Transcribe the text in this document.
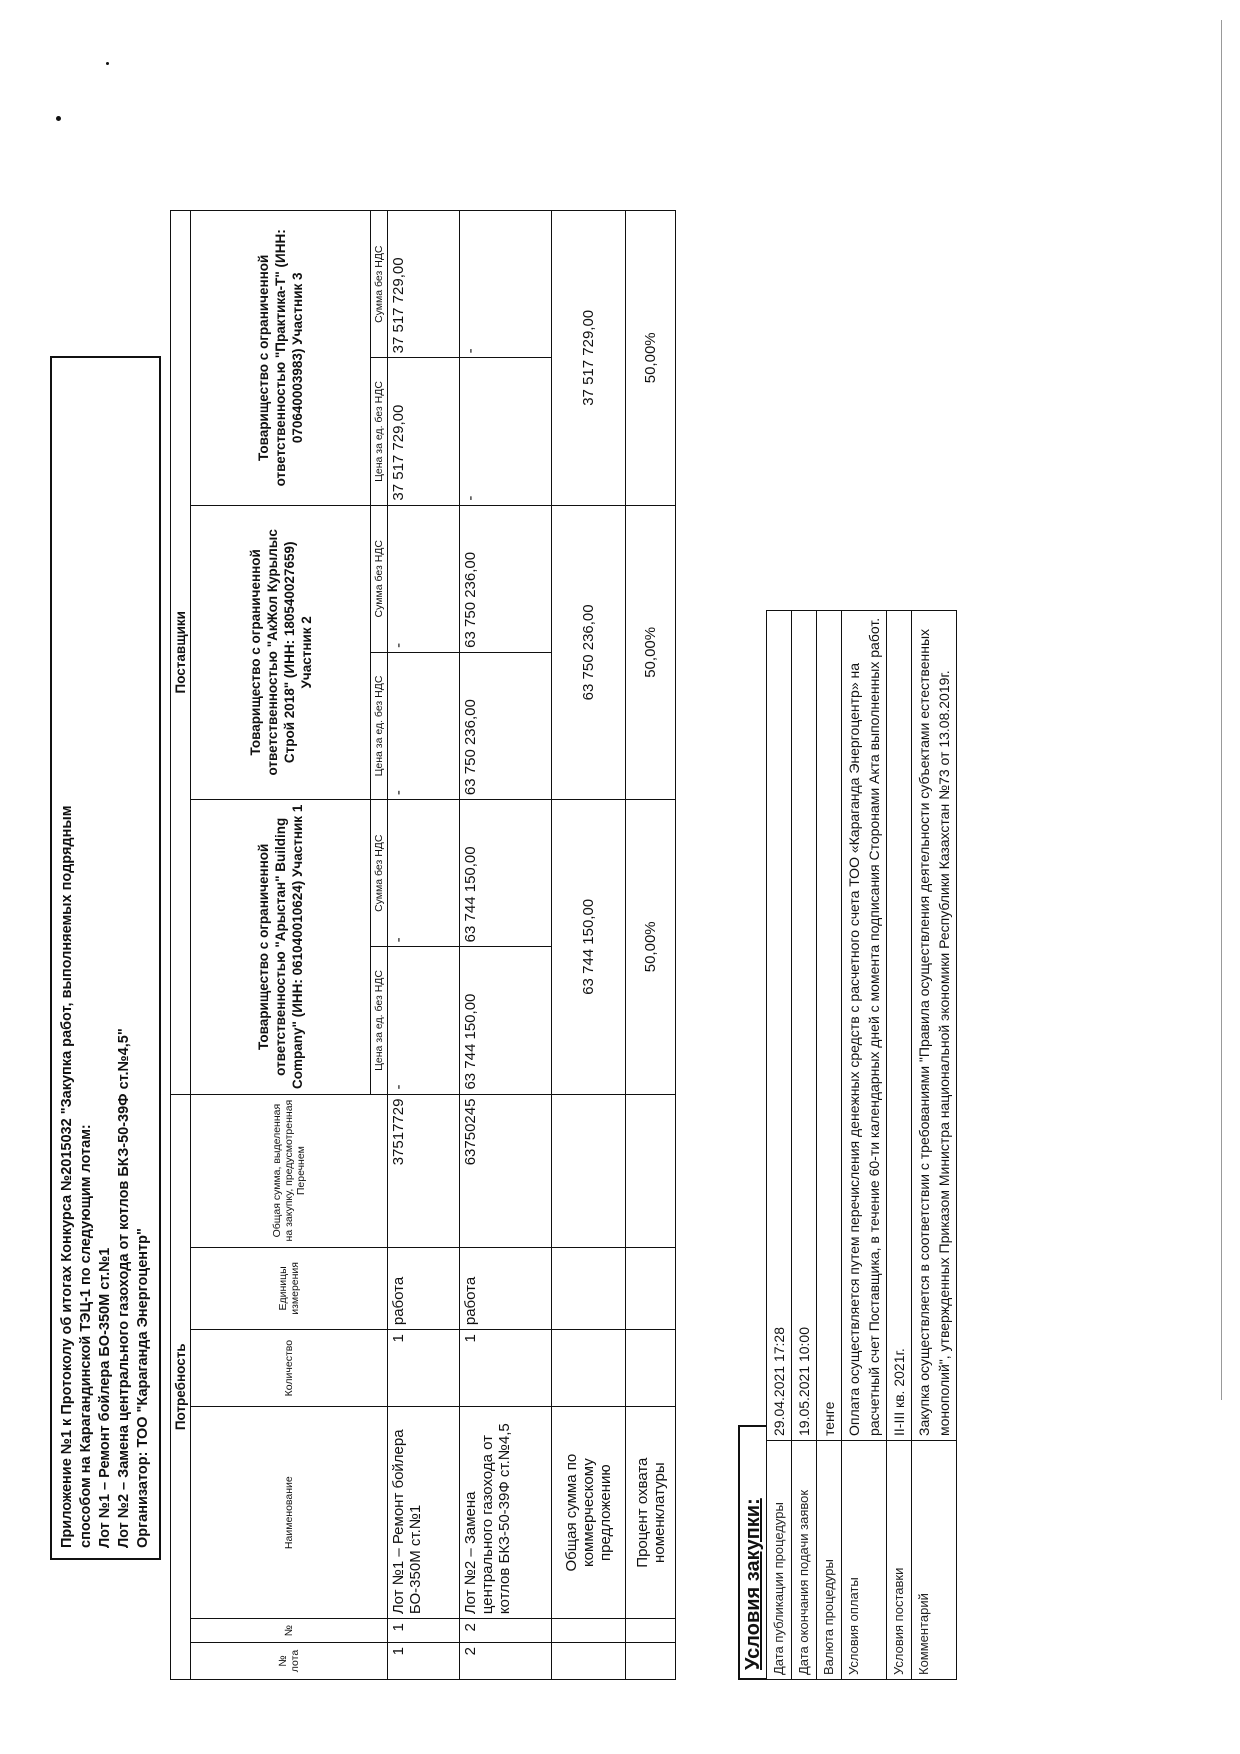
Приложение №1 к Протоколу об итогах Конкурса №2015032 "Закупка работ, выполняемых подрядным способом на Карагандинской ТЭЦ-1 по следующим лотам: Лот №1 – Ремонт бойлера БО-350М ст.№1 Лот №2 – Замена центрального газохода от котлов БКЗ-50-39Ф ст.№4,5" Организатор: ТОО "Караганда Энергоцентр" Потребность						Поставщики					
№ лота	№	Наименование	Количество	Единицы измерения	Общая сумма, выделенная на закупку, предусмотренная Перечнем	Товарищество с ограниченной ответственностью "Арыстан" Building Company" (ИНН: 061040010624) Участник 1		Товарищество с ограниченной ответственностью "АкЖол Курылыс Строй 2018" (ИНН: 180540027659) Участник 2		Товарищество с ограниченной ответственностью "Практика-Т" (ИНН: 070640003983) Участник 3	
						Цена за ед. без НДС	Сумма без НДС	Цена за ед. без НДС	Сумма без НДС	Цена за ед. без НДС	Сумма без НДС
1	1	Лот №1 – Ремонт бойлера БО-350М ст.№1	1	работа	37517729	-	-	-	-	37 517 729,00	37 517 729,00
2	2	Лот №2 – Замена центрального газохода от котлов БКЗ-50-39Ф ст.№4,5	1	работа	63750245	63 744 150,00	63 744 150,00	63 750 236,00	63 750 236,00	-	-
		Общая сумма по коммерческому предложению				63 744 150,00		63 750 236,00		37 517 729,00	
		Процент охвата номенклатуры				50,00%		50,00%		50,00%	
Условия закупки: Дата публикации процедуры	29.04.2021 17:28
Дата окончания подачи заявок	19.05.2021 10:00
Валюта процедуры	тенге
Условия оплаты	Оплата осуществляется путем перечисления денежных средств с расчетного счета ТОО «Караганда Энергоцентр» на расчетный счет Поставщика, в течение 60-ти календарных дней с момента подписания Сторонами Акта выполненных работ.
Условия поставки	II-III кв. 2021г.
Комментарий	Закупка осуществляется в соответствии с требованиями "Правила осуществления деятельности субъектами естественных монополий", утвержденных Приказом Министра национальной экономики Республики Казахстан №73 от 13.08.2019г.
